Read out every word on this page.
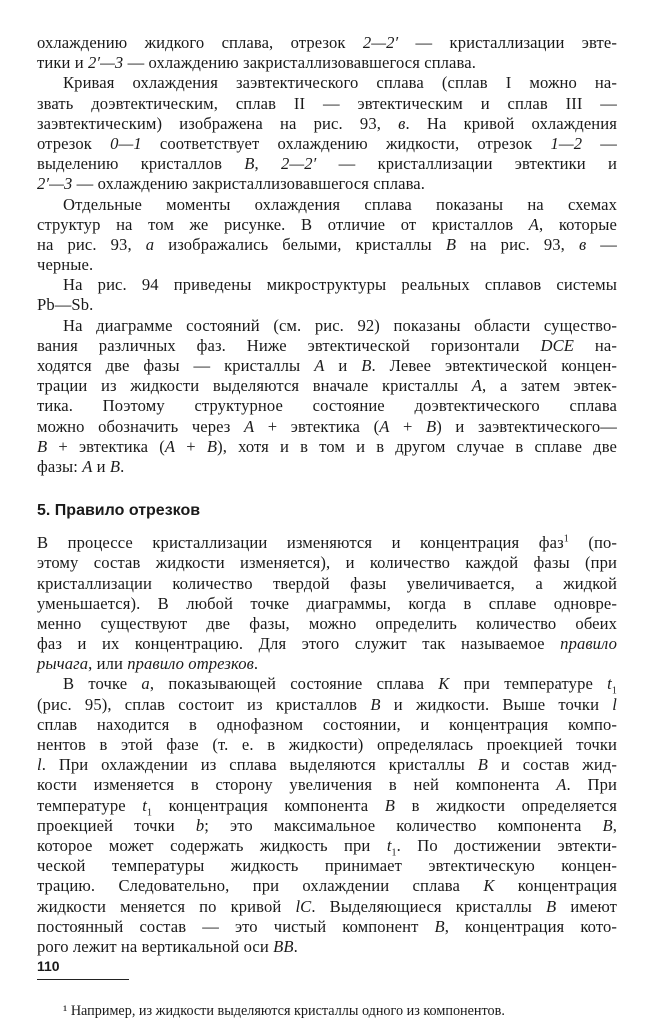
охлаждению жидкого сплава, отрезок 2—2′ — кристаллизации эвте-
тики и 2′—3 — охлаждению закристаллизовавшегося сплава.
Кривая охлаждения заэвтектического сплава (сплав I можно на-
звать доэвтектическим, сплав II — эвтектическим и сплав III —
заэвтектическим) изображена на рис. 93, в. На кривой охлаждения
отрезок 0—1 соответствует охлаждению жидкости, отрезок 1—2 —
выделению кристаллов В, 2—2′ — кристаллизации эвтектики и
2′—3 — охлаждению закристаллизовавшегося сплава.
Отдельные моменты охлаждения сплава показаны на схемах
структур на том же рисунке. В отличие от кристаллов А, которые
на рис. 93, а изображались белыми, кристаллы В на рис. 93, в —
черные.
На рис. 94 приведены микроструктуры реальных сплавов системы
Pb—Sb.
На диаграмме состояний (см. рис. 92) показаны области существо-
вания различных фаз. Ниже эвтектической горизонтали DCE на-
ходятся две фазы — кристаллы А и В. Левее эвтектической концен-
трации из жидкости выделяются вначале кристаллы А, а затем эвтек-
тика. Поэтому структурное состояние доэвтектического сплава
можно обозначить через А + эвтектика (А + В) и заэвтектического—
В + эвтектика (А + В), хотя и в том и в другом случае в сплаве две
фазы: А и В.
5. Правило отрезков
В процессе кристаллизации изменяются и концентрация фаз$^1$ (по-
этому состав жидкости изменяется), и количество каждой фазы (при
кристаллизации количество твердой фазы увеличивается, а жидкой
уменьшается). В любой точке диаграммы, когда в сплаве одновре-
менно существуют две фазы, можно определить количество обеих
фаз и их концентрацию. Для этого служит так называемое правило
рычага, или правило отрезков.
В точке а, показывающей состояние сплава К при температуре $t_1$
(рис. 95), сплав состоит из кристаллов В и жидкости. Выше точки l
сплав находится в однофазном состоянии, и концентрация компо-
нентов в этой фазе (т. е. в жидкости) определялась проекцией точки
l. При охлаждении из сплава выделяются кристаллы В и состав жид-
кости изменяется в сторону увеличения в ней компонента А. При
температуре $t_1$ концентрация компонента В в жидкости определяется
проекцией точки b; это максимальное количество компонента В,
которое может содержать жидкость при $t_1$. По достижении эвтекти-
ческой температуры жидкость принимает эвтектическую концен-
трацию. Следовательно, при охлаждении сплава К концентрация
жидкости меняется по кривой lC. Выделяющиеся кристаллы В имеют
постоянный состав — это чистый компонент В, концентрация кото-
рого лежит на вертикальной оси ВВ.
¹ Например, из жидкости выделяются кристаллы одного из компонентов.
110
